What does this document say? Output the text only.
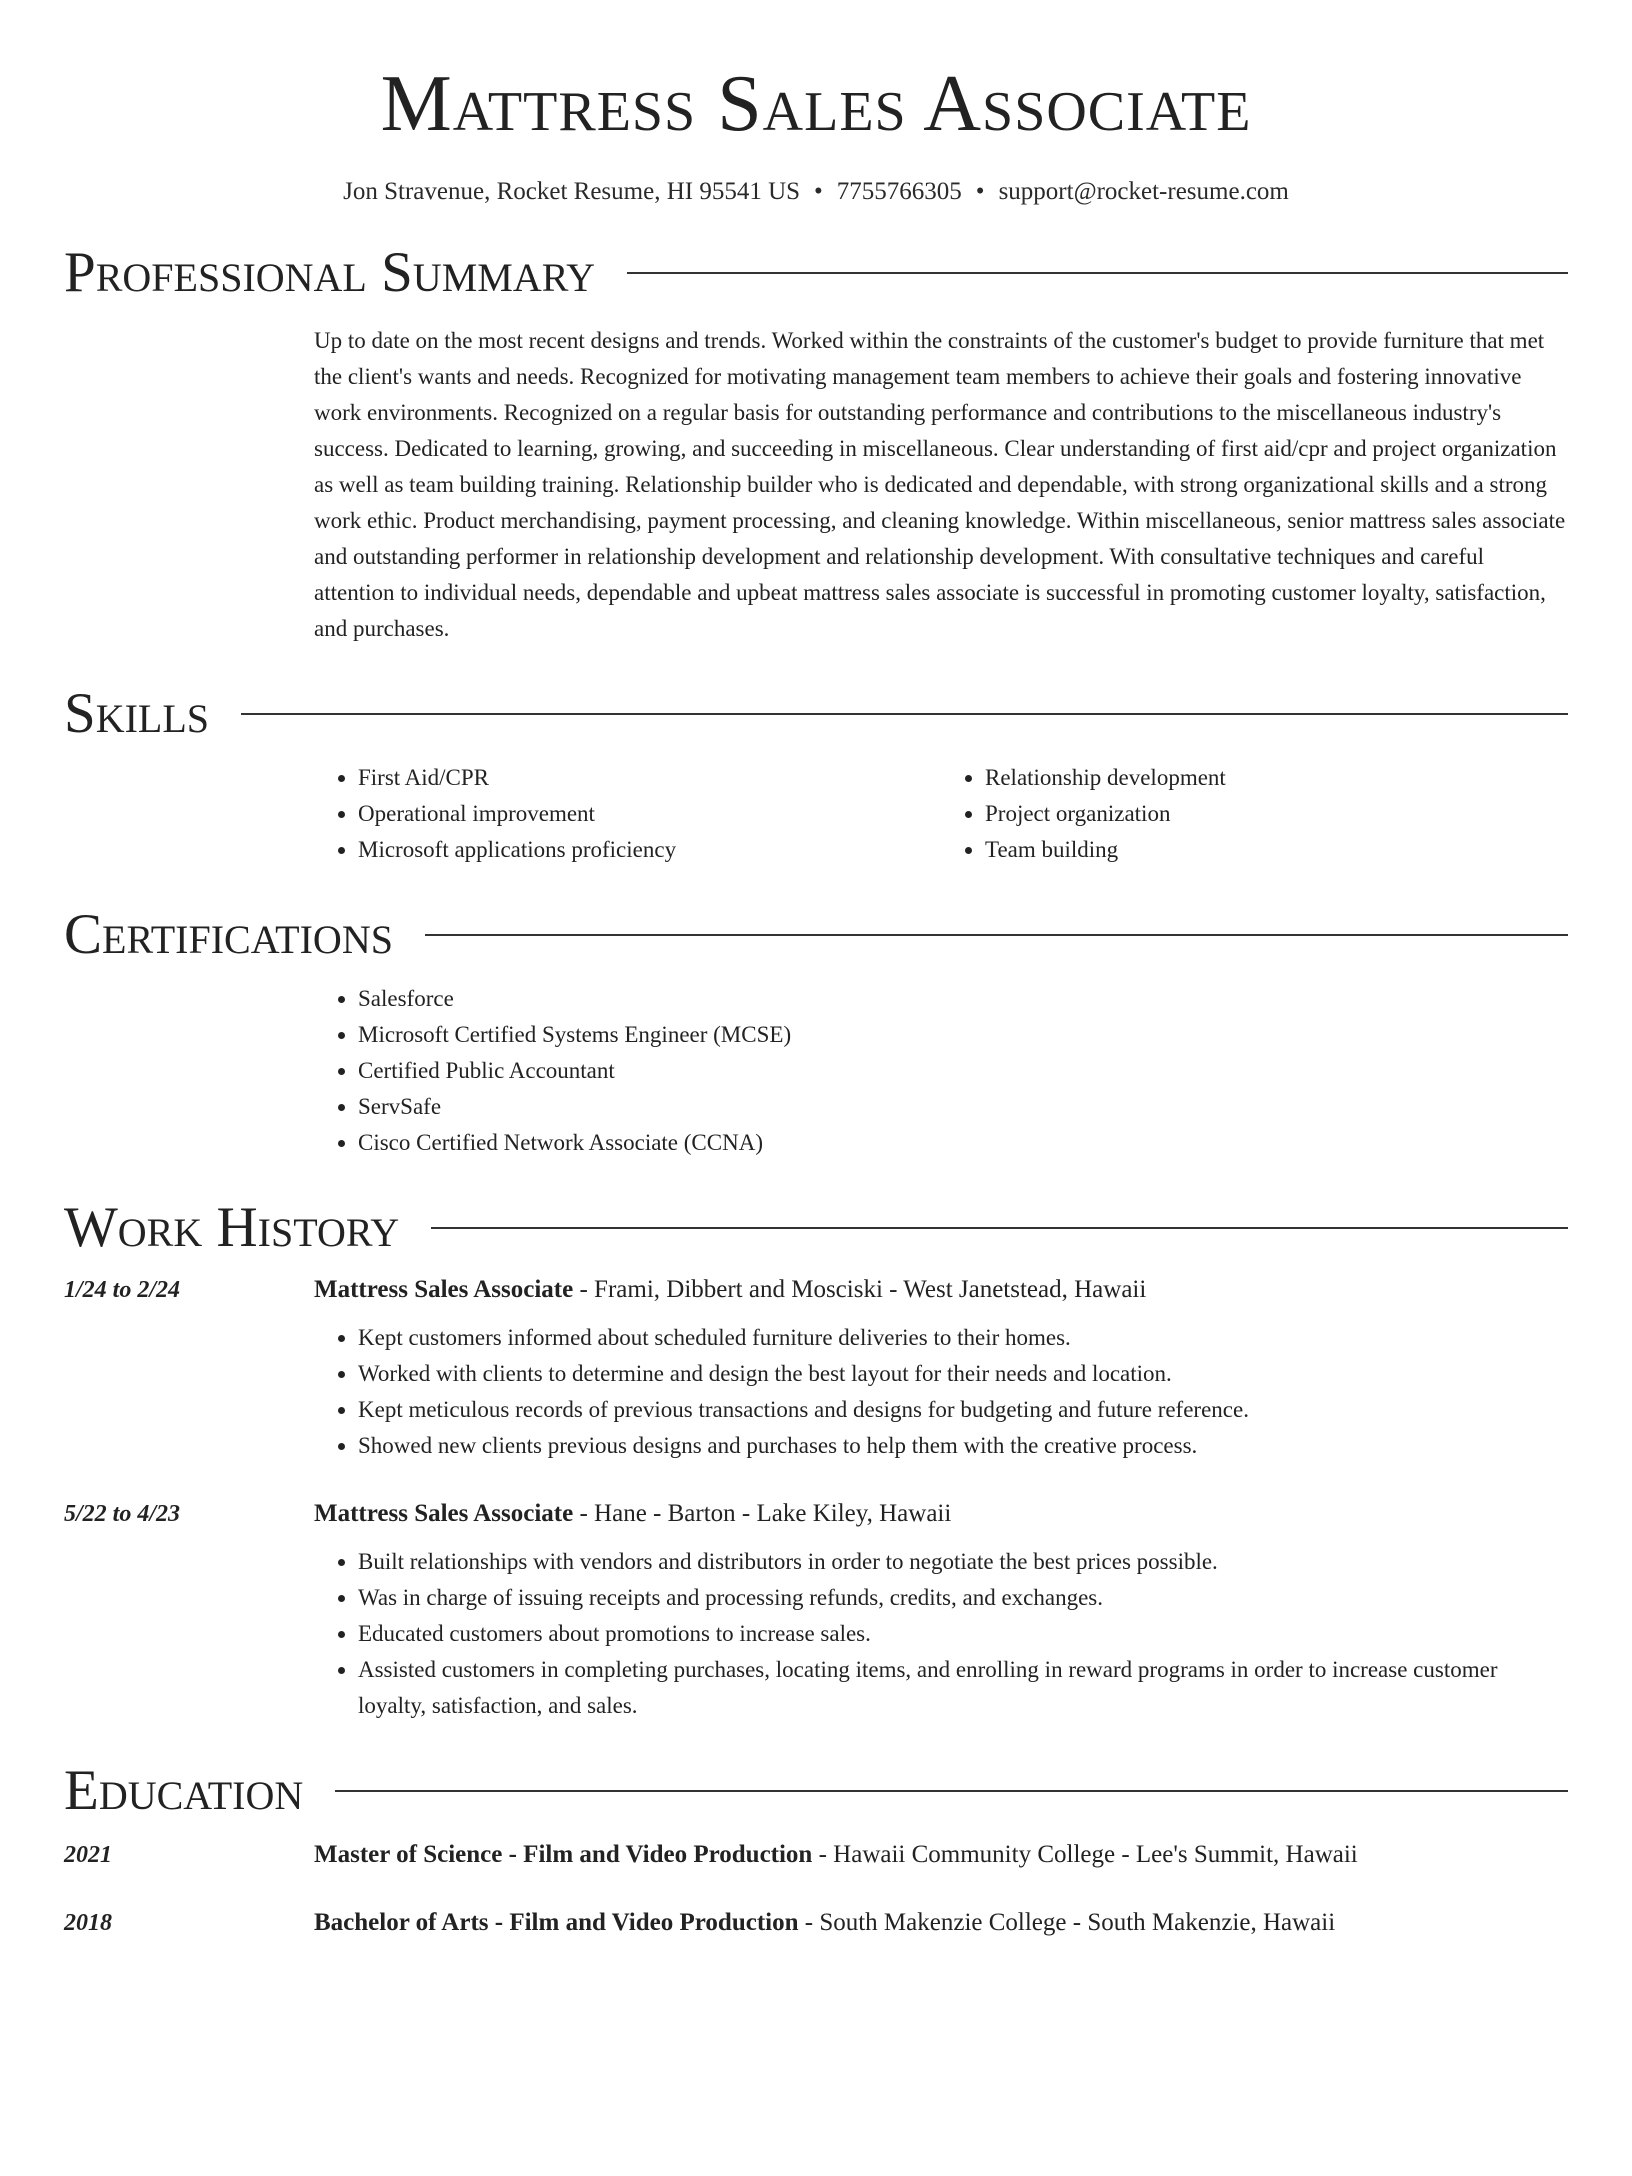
Mattress Sales Associate
Jon Stravenue, Rocket Resume, HI 95541 US • 7755766305 • support@rocket-resume.com
Professional Summary
Up to date on the most recent designs and trends. Worked within the constraints of the customer's budget to provide furniture that met the client's wants and needs. Recognized for motivating management team members to achieve their goals and fostering innovative work environments. Recognized on a regular basis for outstanding performance and contributions to the miscellaneous industry's success. Dedicated to learning, growing, and succeeding in miscellaneous. Clear understanding of first aid/cpr and project organization as well as team building training. Relationship builder who is dedicated and dependable, with strong organizational skills and a strong work ethic. Product merchandising, payment processing, and cleaning knowledge. Within miscellaneous, senior mattress sales associate and outstanding performer in relationship development and relationship development. With consultative techniques and careful attention to individual needs, dependable and upbeat mattress sales associate is successful in promoting customer loyalty, satisfaction, and purchases.
Skills
• First Aid/CPR
• Operational improvement
• Microsoft applications proficiency
• Relationship development
• Project organization
• Team building
Certifications
• Salesforce
• Microsoft Certified Systems Engineer (MCSE)
• Certified Public Accountant
• ServSafe
• Cisco Certified Network Associate (CCNA)
Work History
1/24 to 2/24	Mattress Sales Associate - Frami, Dibbert and Mosciski - West Janetstead, Hawaii
• Kept customers informed about scheduled furniture deliveries to their homes.
• Worked with clients to determine and design the best layout for their needs and location.
• Kept meticulous records of previous transactions and designs for budgeting and future reference.
• Showed new clients previous designs and purchases to help them with the creative process.
5/22 to 4/23	Mattress Sales Associate - Hane - Barton - Lake Kiley, Hawaii
• Built relationships with vendors and distributors in order to negotiate the best prices possible.
• Was in charge of issuing receipts and processing refunds, credits, and exchanges.
• Educated customers about promotions to increase sales.
• Assisted customers in completing purchases, locating items, and enrolling in reward programs in order to increase customer loyalty, satisfaction, and sales.
Education
2021	Master of Science - Film and Video Production - Hawaii Community College - Lee's Summit, Hawaii
2018	Bachelor of Arts - Film and Video Production - South Makenzie College - South Makenzie, Hawaii
